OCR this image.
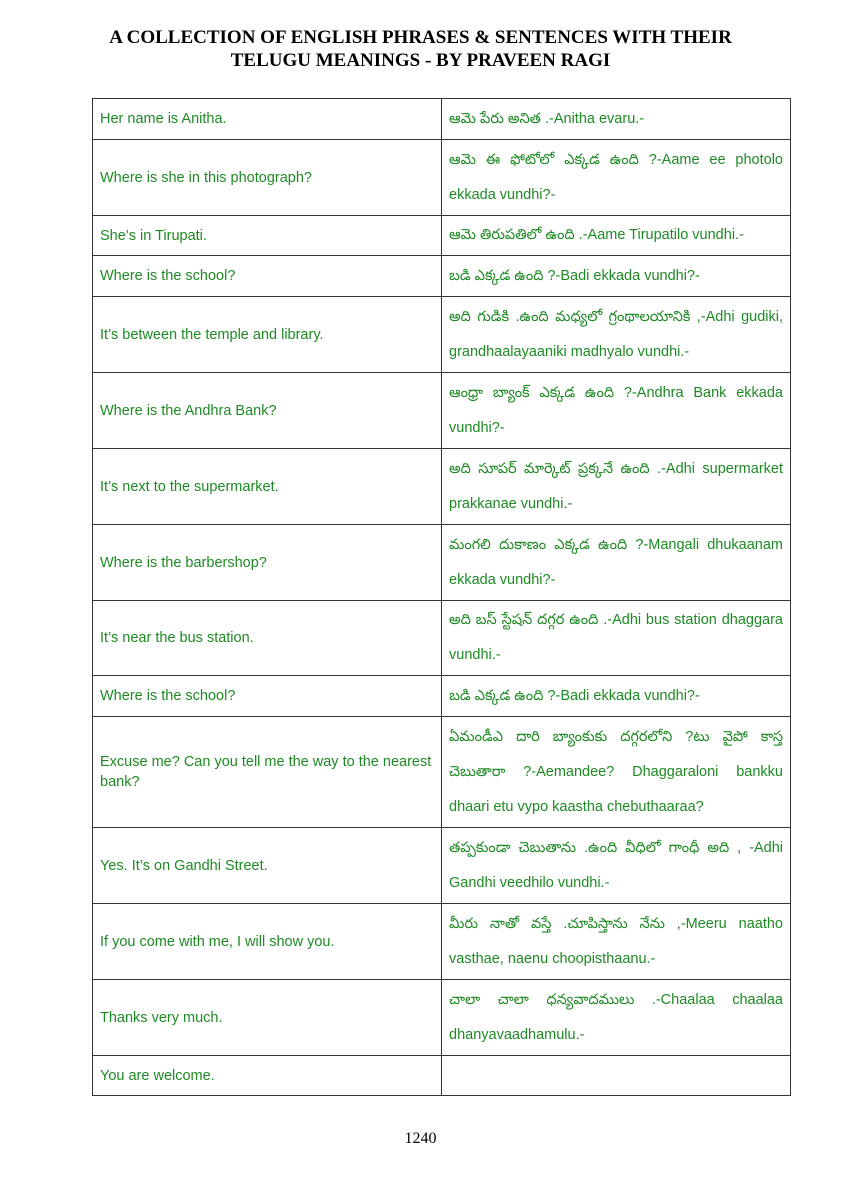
A COLLECTION OF ENGLISH PHRASES & SENTENCES WITH THEIR
TELUGU MEANINGS - BY PRAVEEN RAGI
Her name is Anitha.	ఆమె పేరు అనిత .-Anitha evaru.-
Where is she in this photograph?	ఆమె ఈ ఫోటోలో ఎక్కడ ఉంది ?-Aame ee photolo ekkada vundhi?-
She’s in Tirupati.	ఆమె తిరుపతిలో ఉంది .-Aame Tirupatilo vundhi.-
Where is the school?	బడి ఎక్కడ ఉంది ?-Badi ekkada vundhi?-
It’s between the temple and library.	అది గుడికి .ఉంది మధ్యలో గ్రంథాలయానికి ,-Adhi gudiki, grandhaalayaaniki madhyalo vundhi.-
Where is the Andhra Bank?	ఆంధ్రా బ్యాంక్ ఎక్కడ ఉంది ?-Andhra Bank ekkada vundhi?-
It’s next to the supermarket.	అది సూపర్ మార్కెట్ ప్రక్కనే ఉంది .-Adhi supermarket prakkanae vundhi.-
Where is the barbershop?	మంగలి దుకాణం ఎక్కడ ఉంది ?-Mangali dhukaanam ekkada vundhi?-
It’s near the bus station.	అది బస్ స్టేషన్ దగ్గర ఉంది .-Adhi bus station dhaggara vundhi.-
Where is the school?	బడి ఎక్కడ ఉంది ?-Badi ekkada vundhi?-
Excuse me? Can you tell me the way to the nearest bank?	ఏమండీఎ దారి బ్యాంకుకు దగ్గరలోని ?టు వైపో కాస్త చెబుతారా ?-Aemandee? Dhaggaraloni bankku dhaari etu vypo kaastha chebuthaaraa?
Yes. It’s on Gandhi Street.	తప్పకుండా చెబుతాను .ఉంది వీధిలో గాంధీ అది , -Adhi Gandhi veedhilo vundhi.-
If you come with me, I will show you.	మీరు నాతో వస్తే .చూపిస్తాను నేను ,-Meeru naatho vasthae, naenu choopisthaanu.-
Thanks very much.	చాలా చాలా ధన్యవాదములు .-Chaalaa chaalaa dhanyavaadhamulu.-
You are welcome.	
1240
